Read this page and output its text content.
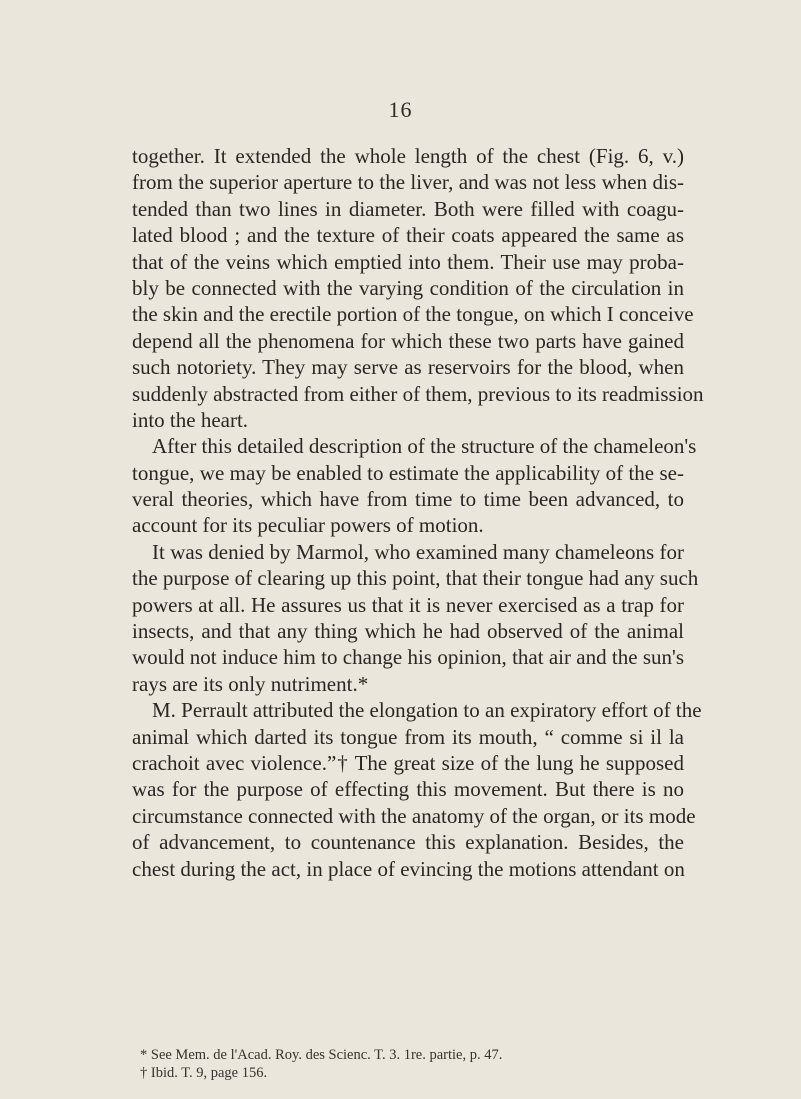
16
together. It extended the whole length of the chest (Fig. 6, v.)
from the superior aperture to the liver, and was not less when dis-
tended than two lines in diameter. Both were filled with coagu-
lated blood ; and the texture of their coats appeared the same as
that of the veins which emptied into them. Their use may proba-
bly be connected with the varying condition of the circulation in
the skin and the erectile portion of the tongue, on which I conceive
depend all the phenomena for which these two parts have gained
such notoriety. They may serve as reservoirs for the blood, when
suddenly abstracted from either of them, previous to its readmission
into the heart.
After this detailed description of the structure of the chameleon's
tongue, we may be enabled to estimate the applicability of the se-
veral theories, which have from time to time been advanced, to
account for its peculiar powers of motion.
It was denied by Marmol, who examined many chameleons for
the purpose of clearing up this point, that their tongue had any such
powers at all. He assures us that it is never exercised as a trap for
insects, and that any thing which he had observed of the animal
would not induce him to change his opinion, that air and the sun's
rays are its only nutriment.*
M. Perrault attributed the elongation to an expiratory effort of the
animal which darted its tongue from its mouth, “ comme si il la
crachoit avec violence.”† The great size of the lung he supposed
was for the purpose of effecting this movement. But there is no
circumstance connected with the anatomy of the organ, or its mode
of advancement, to countenance this explanation. Besides, the
chest during the act, in place of evincing the motions attendant on
* See Mem. de l'Acad. Roy. des Scienc. T. 3. 1re. partie, p. 47.
† Ibid. T. 9, page 156.
